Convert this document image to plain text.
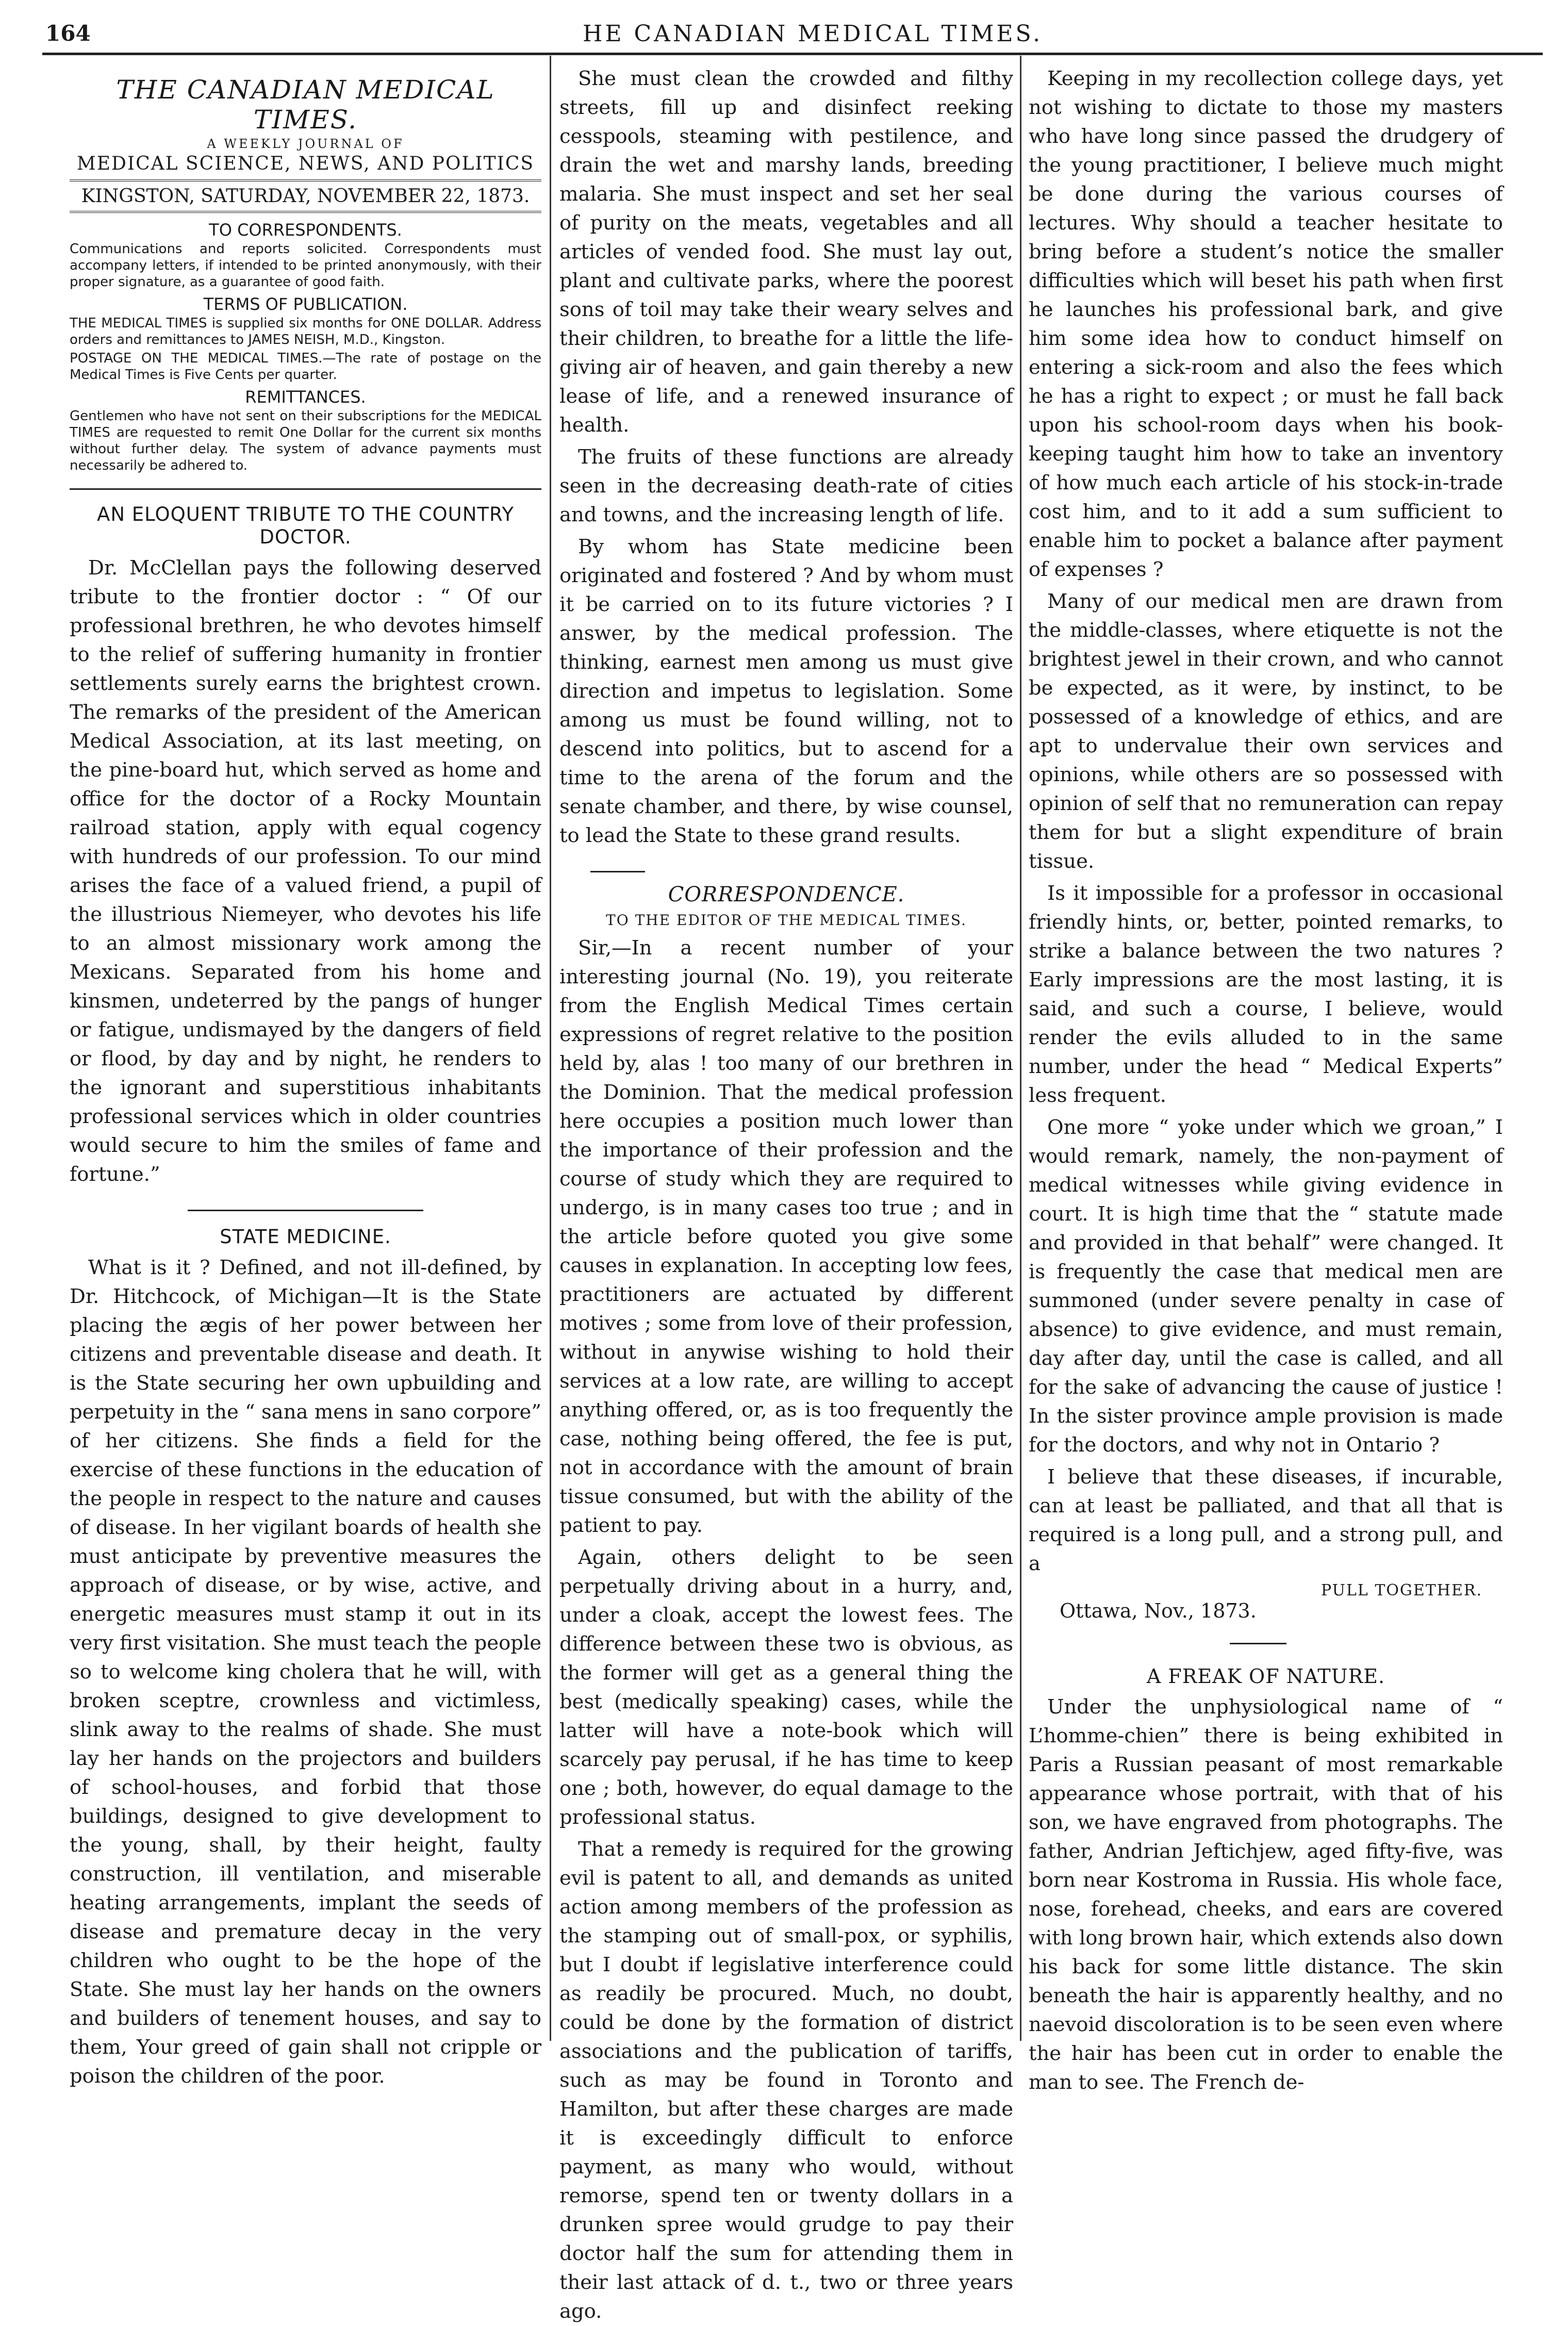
164	HE CANADIAN MEDICAL TIMES.
THE CANADIAN MEDICAL TIMES.
A WEEKLY JOURNAL OF
MEDICAL SCIENCE, NEWS, AND POLITICS
KINGSTON, SATURDAY, NOVEMBER 22, 1873.
TO CORRESPONDENTS.
Communications and reports solicited. Correspondents must accompany letters, if intended to be printed anonymously, with their proper signature, as a guarantee of good faith.
TERMS OF PUBLICATION.
THE MEDICAL TIMES is supplied six months for ONE DOLLAR. Address orders and remittances to JAMES NEISH, M.D., Kingston.
POSTAGE ON THE MEDICAL TIMES.—The rate of postage on the Medical Times is Five Cents per quarter.
REMITTANCES.
Gentlemen who have not sent on their subscriptions for the MEDICAL TIMES are requested to remit One Dollar for the current six months without further delay. The system of advance payments must necessarily be adhered to.
AN ELOQUENT TRIBUTE TO THE COUNTRY DOCTOR.

Dr. McClellan pays the following deserved tribute to the frontier doctor : “ Of our professional brethren, he who devotes himself to the relief of suffering humanity in frontier settlements surely earns the brightest crown. The remarks of the president of the American Medical Association, at its last meeting, on the pine-board hut, which served as home and office for the doctor of a Rocky Mountain railroad station, apply with equal cogency with hundreds of our profession. To our mind arises the face of a valued friend, a pupil of the illustrious Niemeyer, who devotes his life to an almost missionary work among the Mexicans. Separated from his home and kinsmen, undeterred by the pangs of hunger or fatigue, undismayed by the dangers of field or flood, by day and by night, he renders to the ignorant and superstitious inhabitants professional services which in older countries would secure to him the smiles of fame and fortune.”

STATE MEDICINE.

What is it ? Defined, and not ill-defined, by Dr. Hitchcock, of Michigan—It is the State placing the ægis of her power between her citizens and preventable disease and death. It is the State securing her own upbuilding and perpetuity in the “ sana mens in sano corpore” of her citizens. She finds a field for the exercise of these functions in the education of the people in respect to the nature and causes of disease. In her vigilant boards of health she must anticipate by preventive measures the approach of disease, or by wise, active, and energetic measures must stamp it out in its very first visitation. She must teach the people so to welcome king cholera that he will, with broken sceptre, crownless and victimless, slink away to the realms of shade. She must lay her hands on the projectors and builders of school-houses, and forbid that those buildings, designed to give development to the young, shall, by their height, faulty construction, ill ventilation, and miserable heating arrangements, implant the seeds of disease and premature decay in the very children who ought to be the hope of the State. She must lay her hands on the owners and builders of tenement houses, and say to them, Your greed of gain shall not cripple or poison the children of the poor.

She must clean the crowded and filthy streets, fill up and disinfect reeking cesspools, steaming with pestilence, and drain the wet and marshy lands, breeding malaria. She must inspect and set her seal of purity on the meats, vegetables and all articles of vended food. She must lay out, plant and cultivate parks, where the poorest sons of toil may take their weary selves and their children, to breathe for a little the life-giving air of heaven, and gain thereby a new lease of life, and a renewed insurance of health.

The fruits of these functions are already seen in the decreasing death-rate of cities and towns, and the increasing length of life.

By whom has State medicine been originated and fostered ? And by whom must it be carried on to its future victories ? I answer, by the medical profession. The thinking, earnest men among us must give direction and impetus to legislation. Some among us must be found willing, not to descend into politics, but to ascend for a time to the arena of the forum and the senate chamber, and there, by wise counsel, to lead the State to these grand results.

CORRESPONDENCE.
TO THE EDITOR OF THE MEDICAL TIMES.

Sir,—In a recent number of your interesting journal (No. 19), you reiterate from the English Medical Times certain expressions of regret relative to the position held by, alas ! too many of our brethren in the Dominion. That the medical profession here occupies a position much lower than the importance of their profession and the course of study which they are required to undergo, is in many cases too true ; and in the article before quoted you give some causes in explanation. In accepting low fees, practitioners are actuated by different motives ; some from love of their profession, without in anywise wishing to hold their services at a low rate, are willing to accept anything offered, or, as is too frequently the case, nothing being offered, the fee is put, not in accordance with the amount of brain tissue consumed, but with the ability of the patient to pay.

Again, others delight to be seen perpetually driving about in a hurry, and, under a cloak, accept the lowest fees. The difference between these two is obvious, as the former will get as a general thing the best (medically speaking) cases, while the latter will have a note-book which will scarcely pay perusal, if he has time to keep one ; both, however, do equal damage to the professional status.

That a remedy is required for the growing evil is patent to all, and demands as united action among members of the profession as the stamping out of small-pox, or syphilis, but I doubt if legislative interference could as readily be procured. Much, no doubt, could be done by the formation of district associations and the publication of tariffs, such as may be found in Toronto and Hamilton, but after these charges are made it is exceedingly difficult to enforce payment, as many who would, without remorse, spend ten or twenty dollars in a drunken spree would grudge to pay their doctor half the sum for attending them in their last attack of d. t., two or three years ago.

Keeping in my recollection college days, yet not wishing to dictate to those my masters who have long since passed the drudgery of the young practitioner, I believe much might be done during the various courses of lectures. Why should a teacher hesitate to bring before a student’s notice the smaller difficulties which will beset his path when first he launches his professional bark, and give him some idea how to conduct himself on entering a sick-room and also the fees which he has a right to expect ; or must he fall back upon his school-room days when his book-keeping taught him how to take an inventory of how much each article of his stock-in-trade cost him, and to it add a sum sufficient to enable him to pocket a balance after payment of expenses ?

Many of our medical men are drawn from the middle-classes, where etiquette is not the brightest jewel in their crown, and who cannot be expected, as it were, by instinct, to be possessed of a knowledge of ethics, and are apt to undervalue their own services and opinions, while others are so possessed with opinion of self that no remuneration can repay them for but a slight expenditure of brain tissue.

Is it impossible for a professor in occasional friendly hints, or, better, pointed remarks, to strike a balance between the two natures ? Early impressions are the most lasting, it is said, and such a course, I believe, would render the evils alluded to in the same number, under the head “ Medical Experts” less frequent.

One more “ yoke under which we groan,” I would remark, namely, the non-payment of medical witnesses while giving evidence in court. It is high time that the “ statute made and provided in that behalf” were changed. It is frequently the case that medical men are summoned (under severe penalty in case of absence) to give evidence, and must remain, day after day, until the case is called, and all for the sake of advancing the cause of justice ! In the sister province ample provision is made for the doctors, and why not in Ontario ?

I believe that these diseases, if incurable, can at least be palliated, and that all that is required is a long pull, and a strong pull, and a

PULL TOGETHER.
Ottawa, Nov., 1873.
A FREAK OF NATURE.

Under the unphysiological name of “ L’homme-chien” there is being exhibited in Paris a Russian peasant of most remarkable appearance whose portrait, with that of his son, we have engraved from photographs. The father, Andrian Jeftichjew, aged fifty-five, was born near Kostroma in Russia. His whole face, nose, forehead, cheeks, and ears are covered with long brown hair, which extends also down his back for some little distance. The skin beneath the hair is apparently healthy, and no naevoid discoloration is to be seen even where the hair has been cut in order to enable the man to see. The French de-
